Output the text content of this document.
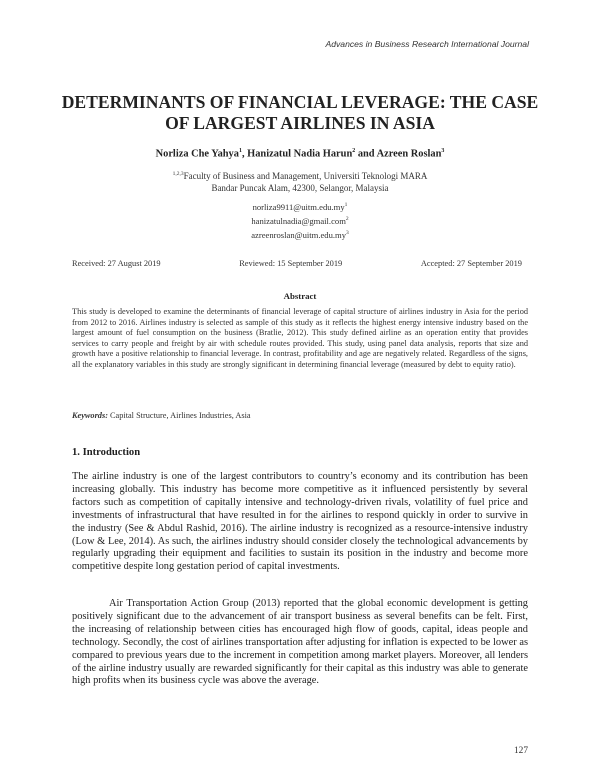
Advances in Business Research International Journal
DETERMINANTS OF FINANCIAL LEVERAGE: THE CASE OF LARGEST AIRLINES IN ASIA
Norliza Che Yahya$^1$, Hanizatul Nadia Harun$^2$ and Azreen Roslan$^3$
$^{1,2,3}$Faculty of Business and Management, Universiti Teknologi MARA
Bandar Puncak Alam, 42300, Selangor, Malaysia
$norliza9911@uitm.edu.my^1$
hanizatulnadia@gmail.com$^2$
$azreenroslan@uitm.edu.my^3$
Received: 27 August 2019	Reviewed: 15 September 2019	Accepted: 27 September 2019
Abstract

This study is developed to examine the determinants of financial leverage of capital structure of airlines industry in Asia for the period from 2012 to 2016. Airlines industry is selected as sample of this study as it reflects the highest energy intensive industry based on the largest amount of fuel consumption on the business (Bratlie, 2012). This study defined airline as an operation entity that provides services to carry people and freight by air with schedule routes provided. This study, using panel data analysis, reports that size and growth have a positive relationship to financial leverage. In contrast, profitability and age are negatively related. Regardless of the signs, all the explanatory variables in this study are strongly significant in determining financial leverage (measured by debt to equity ratio).

Keywords: Capital Structure, Airlines Industries, Asia

1. Introduction

The airline industry is one of the largest contributors to country’s economy and its contribution has been increasing globally. This industry has become more competitive as it influenced persistently by several factors such as competition of capitally intensive and technology-driven rivals, volatility of fuel price and investments of infrastructural that have resulted in for the airlines to respond quickly in order to survive in the industry (See & Abdul Rashid, 2016). The airline industry is recognized as a resource-intensive industry (Low & Lee, 2014). As such, the airlines industry should consider closely the technological advancements by regularly upgrading their equipment and facilities to sustain its position in the industry and become more competitive despite long gestation period of capital investments.

Air Transportation Action Group (2013) reported that the global economic development is getting positively significant due to the advancement of air transport business as several benefits can be felt. First, the increasing of relationship between cities has encouraged high flow of goods, capital, ideas people and technology. Secondly, the cost of airlines transportation after adjusting for inflation is expected to be lower as compared to previous years due to the increment in competition among market players. Moreover, all lenders of the airline industry usually are rewarded significantly for their capital as this industry was able to generate high profits when its business cycle was above the average.

127
